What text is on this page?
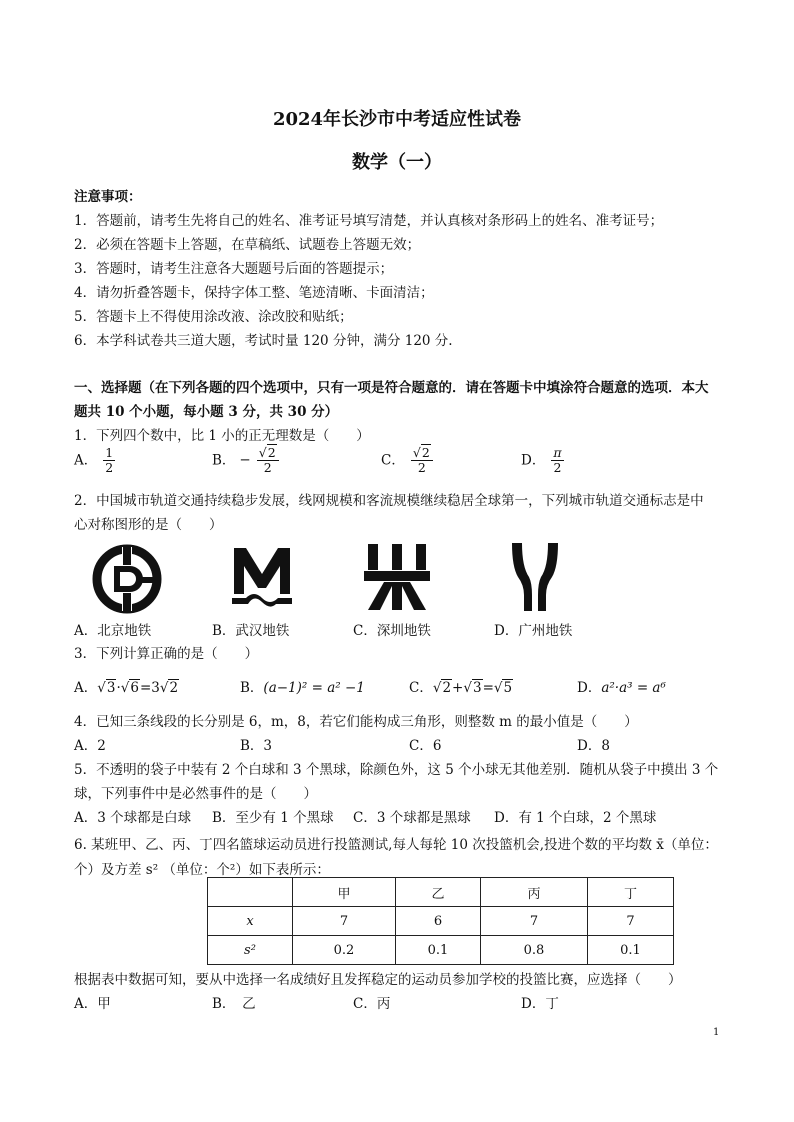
2024年长沙市中考适应性试卷
数学（一）
注意事项：
1．答题前，请考生先将自己的姓名、准考证号填写清楚，并认真核对条形码上的姓名、准考证号；
2．必须在答题卡上答题，在草稿纸、试题卷上答题无效；
3．答题时，请考生注意各大题题号后面的答题提示；
4．请勿折叠答题卡，保持字体工整、笔迹清晰、卡面清洁；
5．答题卡上不得使用涂改液、涂改胶和贴纸；
6．本学科试卷共三道大题，考试时量 120 分钟，满分 120 分.
一、选择题（在下列各题的四个选项中，只有一项是符合题意的．请在答题卡中填涂符合题意的选项．本大
题共 10 个小题，每小题 3 分，共 30 分）
1．下列四个数中，比 1 小的正无理数是（　　）
A． $\frac{1}{2}$	B． − $\frac{√2}{2}$	C． $\frac{√2}{2}$	D． $\frac{\pi}{2}$
2．中国城市轨道交通持续稳步发展，线网规模和客流规模继续稳居全球第一，下列城市轨道交通标志是中
心对称图形的是（　　）
A．北京地铁	B．武汉地铁	C．深圳地铁	D．广州地铁
3．下列计算正确的是（　　）
A．√3·√6=3√2	B．(a−1)² = a² −1	C．√2+√3=√5	D．a²·a³ = a⁶
4．已知三条线段的长分别是 6，m，8，若它们能构成三角形，则整数 m 的最小值是（　　）
A．2	B．3	C．6	D．8
5．不透明的袋子中装有 2 个白球和 3 个黑球，除颜色外，这 5 个小球无其他差别．随机从袋子中摸出 3 个
球，下列事件中是必然事件的是（　　）
A．3 个球都是白球 B．至少有 1 个黑球 C．3 个球都是黑球 D．有 1 个白球，2 个黑球
6. 某班甲、乙、丙、丁四名篮球运动员进行投篮测试,每人每轮 10 次投篮机会,投进个数的平均数 x̄（单位：
个）及方差 s² （单位：个²）如下表所示：
	甲	乙	丙	丁
x	7	6	7	7
s²	0.2	0.1	0.8	0.1
根据表中数据可知，要从中选择一名成绩好且发挥稳定的运动员参加学校的投篮比赛，应选择（　　）
A．甲	B．　乙	C．丙	D．丁
1
